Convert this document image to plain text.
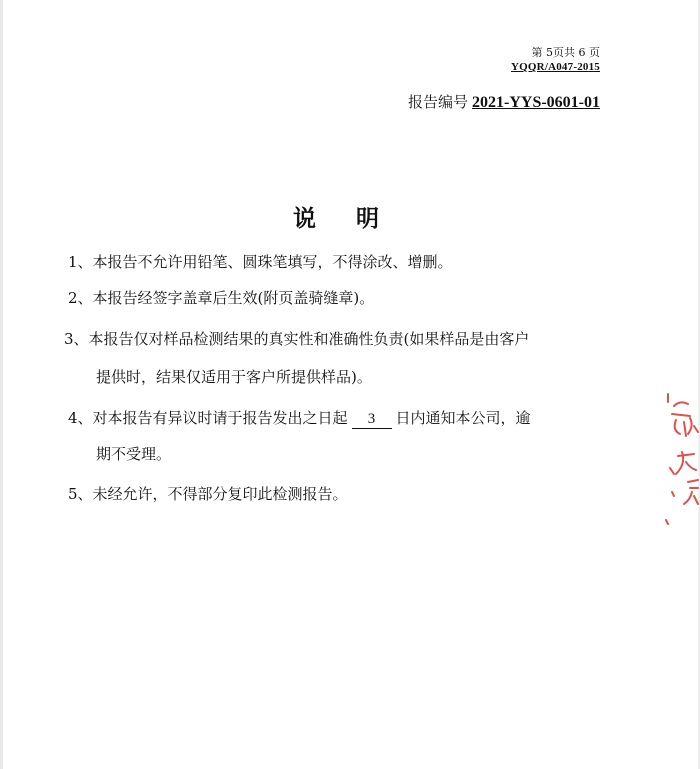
第 5页共 6 页
YQQR/A047-2015
报告编号 2021-YYS-0601-01
说明
1、本报告不允许用铅笔、圆珠笔填写，不得涂改、增删。
2、本报告经签字盖章后生效(附页盖骑缝章)。
3、本报告仅对样品检测结果的真实性和准确性负责(如果样品是由客户
提供时，结果仅适用于客户所提供样品)。
4、对本报告有异议时请于报告发出之日起 3 日内通知本公司，逾
期不受理。
5、未经允许，不得部分复印此检测报告。
